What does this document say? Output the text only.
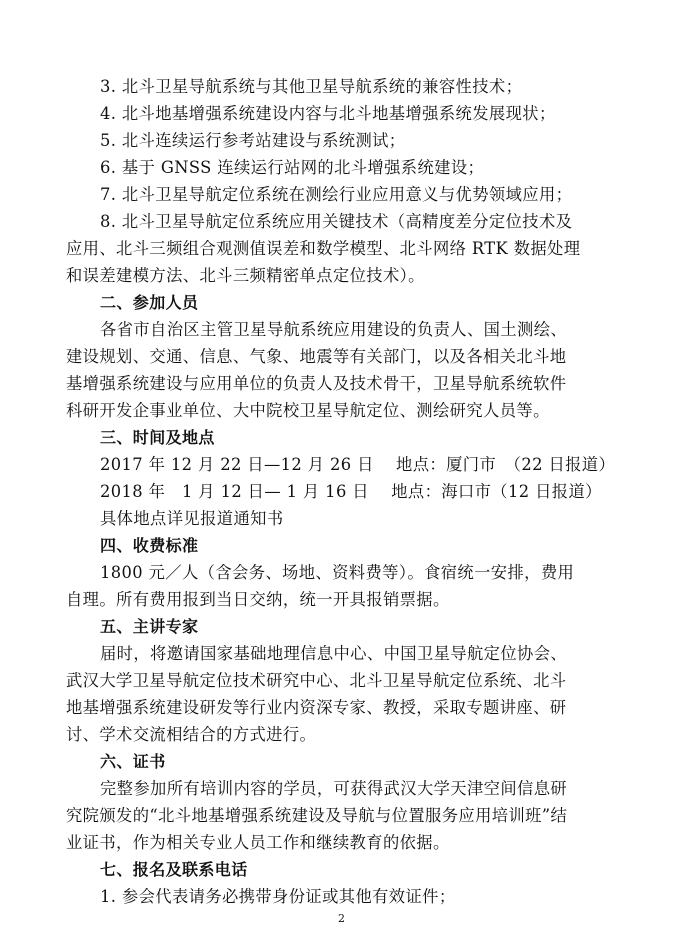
3. 北斗卫星导航系统与其他卫星导航系统的兼容性技术；
4. 北斗地基增强系统建设内容与北斗地基增强系统发展现状；
5. 北斗连续运行参考站建设与系统测试；
6. 基于 GNSS 连续运行站网的北斗增强系统建设；
7. 北斗卫星导航定位系统在测绘行业应用意义与优势领域应用；
8. 北斗卫星导航定位系统应用关键技术（高精度差分定位技术及
应用、北斗三频组合观测值误差和数学模型、北斗网络 RTK 数据处理
和误差建模方法、北斗三频精密单点定位技术）。
二、参加人员
各省市自治区主管卫星导航系统应用建设的负责人、国土测绘、
建设规划、交通、信息、气象、地震等有关部门，以及各相关北斗地
基增强系统建设与应用单位的负责人及技术骨干，卫星导航系统软件
科研开发企事业单位、大中院校卫星导航定位、测绘研究人员等。
三、时间及地点
2017 年 12 月 22 日—12 月 26 日　 地点：厦门市　（22 日报道）
2018 年　1 月 12 日— 1 月 16 日　 地点：海口市（12 日报道）
具体地点详见报道通知书
四、收费标准
1800 元／人（含会务、场地、资料费等）。食宿统一安排，费用
自理。所有费用报到当日交纳，统一开具报销票据。
五、主讲专家
届时，将邀请国家基础地理信息中心、中国卫星导航定位协会、
武汉大学卫星导航定位技术研究中心、北斗卫星导航定位系统、北斗
地基增强系统建设研发等行业内资深专家、教授，采取专题讲座、研
讨、学术交流相结合的方式进行。
六、证书
完整参加所有培训内容的学员，可获得武汉大学天津空间信息研
究院颁发的“北斗地基增强系统建设及导航与位置服务应用培训班”结
业证书，作为相关专业人员工作和继续教育的依据。
七、报名及联系电话
1. 参会代表请务必携带身份证或其他有效证件；
2
